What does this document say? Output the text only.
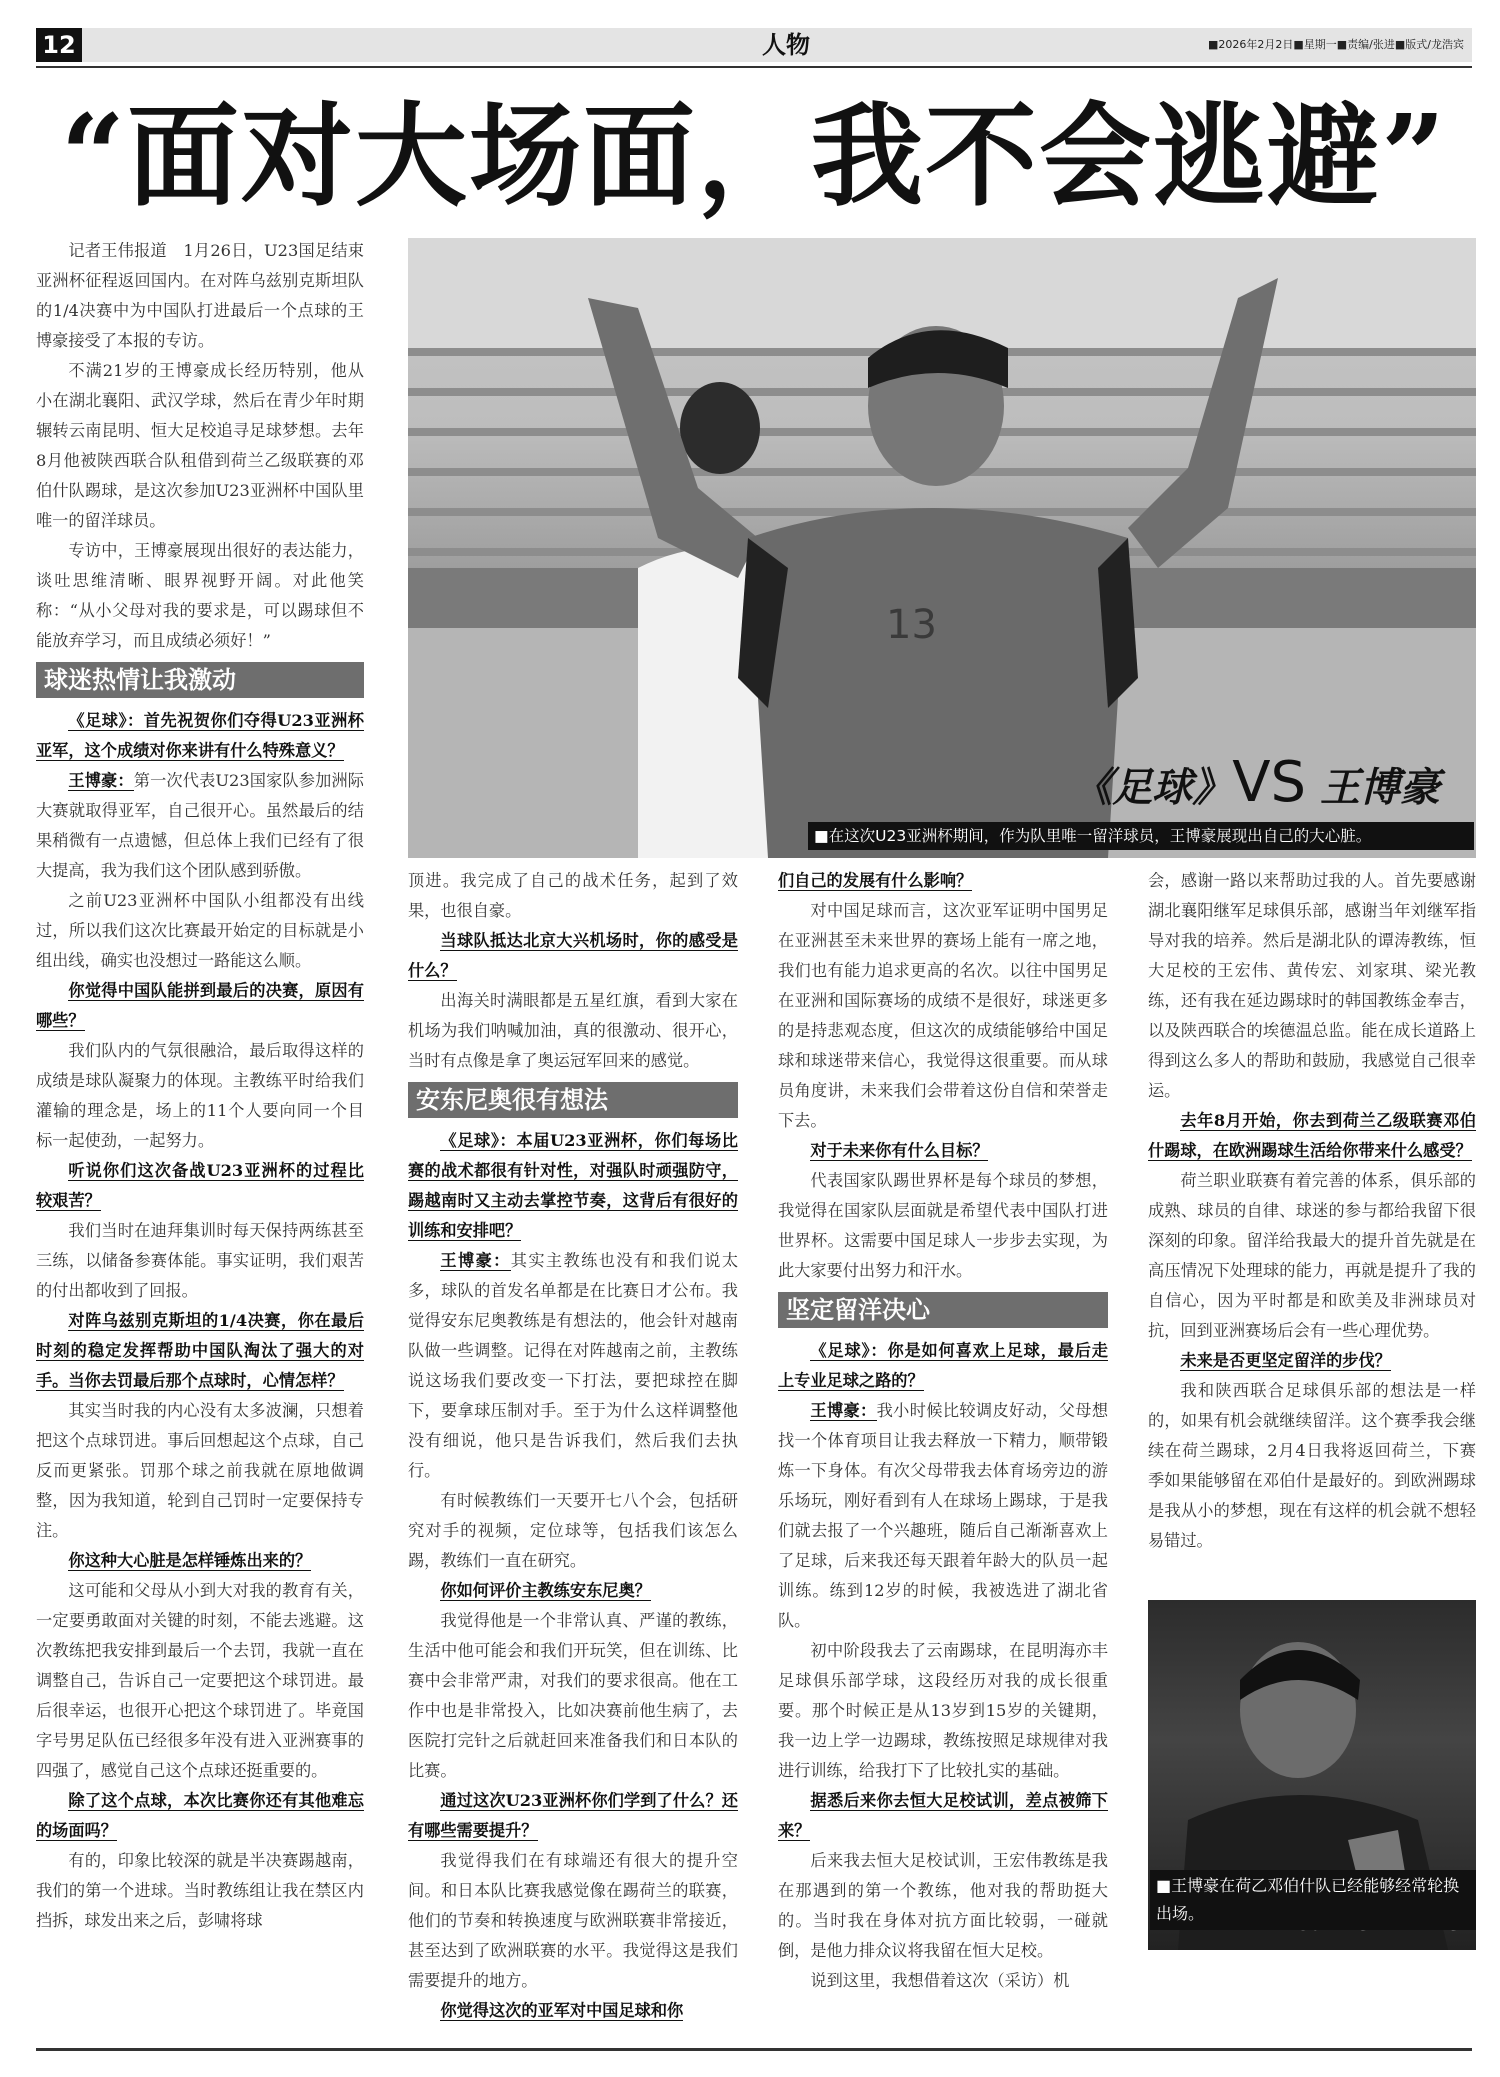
12	人物	■2026年2月2日■星期一■责编/张进■版式/龙浩宾
“面对大场面，我不会逃避”

记者王伟报道　1月26日，U23国足结束亚洲杯征程返回国内。在对阵乌兹别克斯坦队的1/4决赛中为中国队打进最后一个点球的王博豪接受了本报的专访。

不满21岁的王博豪成长经历特别，他从小在湖北襄阳、武汉学球，然后在青少年时期辗转云南昆明、恒大足校追寻足球梦想。去年8月他被陕西联合队租借到荷兰乙级联赛的邓伯什队踢球，是这次参加U23亚洲杯中国队里唯一的留洋球员。

专访中，王博豪展现出很好的表达能力，谈吐思维清晰、眼界视野开阔。对此他笑称：“从小父母对我的要求是，可以踢球但不能放弃学习，而且成绩必须好！”

球迷热情让我激动

《足球》：首先祝贺你们夺得U23亚洲杯亚军，这个成绩对你来讲有什么特殊意义？

王博豪：第一次代表U23国家队参加洲际大赛就取得亚军，自己很开心。虽然最后的结果稍微有一点遗憾，但总体上我们已经有了很大提高，我为我们这个团队感到骄傲。

之前U23亚洲杯中国队小组都没有出线过，所以我们这次比赛最开始定的目标就是小组出线，确实也没想过一路能这么顺。

你觉得中国队能拼到最后的决赛，原因有哪些？

我们队内的气氛很融洽，最后取得这样的成绩是球队凝聚力的体现。主教练平时给我们灌输的理念是，场上的11个人要向同一个目标一起使劲，一起努力。

听说你们这次备战U23亚洲杯的过程比较艰苦？

我们当时在迪拜集训时每天保持两练甚至三练，以储备参赛体能。事实证明，我们艰苦的付出都收到了回报。

对阵乌兹别克斯坦的1/4决赛，你在最后时刻的稳定发挥帮助中国队淘汰了强大的对手。当你去罚最后那个点球时，心情怎样？

其实当时我的内心没有太多波澜，只想着把这个点球罚进。事后回想起这个点球，自己反而更紧张。罚那个球之前我就在原地做调整，因为我知道，轮到自己罚时一定要保持专注。

你这种大心脏是怎样锤炼出来的？

这可能和父母从小到大对我的教育有关，一定要勇敢面对关键的时刻，不能去逃避。这次教练把我安排到最后一个去罚，我就一直在调整自己，告诉自己一定要把这个球罚进。最后很幸运，也很开心把这个球罚进了。毕竟国字号男足队伍已经很多年没有进入亚洲赛事的四强了，感觉自己这个点球还挺重要的。

除了这个点球，本次比赛你还有其他难忘的场面吗？

有的，印象比较深的就是半决赛踢越南，我们的第一个进球。当时教练组让我在禁区内挡拆，球发出来之后，彭啸将球

13
《足球》VS 王博豪
■在这次U23亚洲杯期间，作为队里唯一留洋球员，王博豪展现出自己的大心脏。

顶进。我完成了自己的战术任务，起到了效果，也很自豪。

当球队抵达北京大兴机场时，你的感受是什么？

出海关时满眼都是五星红旗，看到大家在机场为我们呐喊加油，真的很激动、很开心，当时有点像是拿了奥运冠军回来的感觉。

安东尼奥很有想法

《足球》：本届U23亚洲杯，你们每场比赛的战术都很有针对性，对强队时顽强防守，踢越南时又主动去掌控节奏，这背后有很好的训练和安排吧？

王博豪：其实主教练也没有和我们说太多，球队的首发名单都是在比赛日才公布。我觉得安东尼奥教练是有想法的，他会针对越南队做一些调整。记得在对阵越南之前，主教练说这场我们要改变一下打法，要把球控在脚下，要拿球压制对手。至于为什么这样调整他没有细说，他只是告诉我们，然后我们去执行。

有时候教练们一天要开七八个会，包括研究对手的视频，定位球等，包括我们该怎么踢，教练们一直在研究。

你如何评价主教练安东尼奥？

我觉得他是一个非常认真、严谨的教练，生活中他可能会和我们开玩笑，但在训练、比赛中会非常严肃，对我们的要求很高。他在工作中也是非常投入，比如决赛前他生病了，去医院打完针之后就赶回来准备我们和日本队的比赛。

通过这次U23亚洲杯你们学到了什么？还有哪些需要提升？

我觉得我们在有球端还有很大的提升空间。和日本队比赛我感觉像在踢荷兰的联赛，他们的节奏和转换速度与欧洲联赛非常接近，甚至达到了欧洲联赛的水平。我觉得这是我们需要提升的地方。

你觉得这次的亚军对中国足球和你

们自己的发展有什么影响？

对中国足球而言，这次亚军证明中国男足在亚洲甚至未来世界的赛场上能有一席之地，我们也有能力追求更高的名次。以往中国男足在亚洲和国际赛场的成绩不是很好，球迷更多的是持悲观态度，但这次的成绩能够给中国足球和球迷带来信心，我觉得这很重要。而从球员角度讲，未来我们会带着这份自信和荣誉走下去。

对于未来你有什么目标？

代表国家队踢世界杯是每个球员的梦想，我觉得在国家队层面就是希望代表中国队打进世界杯。这需要中国足球人一步步去实现，为此大家要付出努力和汗水。

坚定留洋决心

《足球》：你是如何喜欢上足球，最后走上专业足球之路的？

王博豪：我小时候比较调皮好动，父母想找一个体育项目让我去释放一下精力，顺带锻炼一下身体。有次父母带我去体育场旁边的游乐场玩，刚好看到有人在球场上踢球，于是我们就去报了一个兴趣班，随后自己渐渐喜欢上了足球，后来我还每天跟着年龄大的队员一起训练。练到12岁的时候，我被选进了湖北省队。

初中阶段我去了云南踢球，在昆明海亦丰足球俱乐部学球，这段经历对我的成长很重要。那个时候正是从13岁到15岁的关键期，我一边上学一边踢球，教练按照足球规律对我进行训练，给我打下了比较扎实的基础。

据悉后来你去恒大足校试训，差点被筛下来？

后来我去恒大足校试训，王宏伟教练是我在那遇到的第一个教练，他对我的帮助挺大的。当时我在身体对抗方面比较弱，一碰就倒，是他力排众议将我留在恒大足校。

说到这里，我想借着这次（采访）机

会，感谢一路以来帮助过我的人。首先要感谢湖北襄阳继军足球俱乐部，感谢当年刘继军指导对我的培养。然后是湖北队的谭涛教练，恒大足校的王宏伟、黄传宏、刘家琪、梁光教练，还有我在延边踢球时的韩国教练金奉吉，以及陕西联合的埃德温总监。能在成长道路上得到这么多人的帮助和鼓励，我感觉自己很幸运。

去年8月开始，你去到荷兰乙级联赛邓伯什踢球，在欧洲踢球生活给你带来什么感受？

荷兰职业联赛有着完善的体系，俱乐部的成熟、球员的自律、球迷的参与都给我留下很深刻的印象。留洋给我最大的提升首先就是在高压情况下处理球的能力，再就是提升了我的自信心，因为平时都是和欧美及非洲球员对抗，回到亚洲赛场后会有一些心理优势。

未来是否更坚定留洋的步伐？

我和陕西联合足球俱乐部的想法是一样的，如果有机会就继续留洋。这个赛季我会继续在荷兰踢球，2月4日我将返回荷兰，下赛季如果能够留在邓伯什是最好的。到欧洲踢球是我从小的梦想，现在有这样的机会就不想轻易错过。

■王博豪在荷乙邓伯什队已经能够经常轮换出场。
